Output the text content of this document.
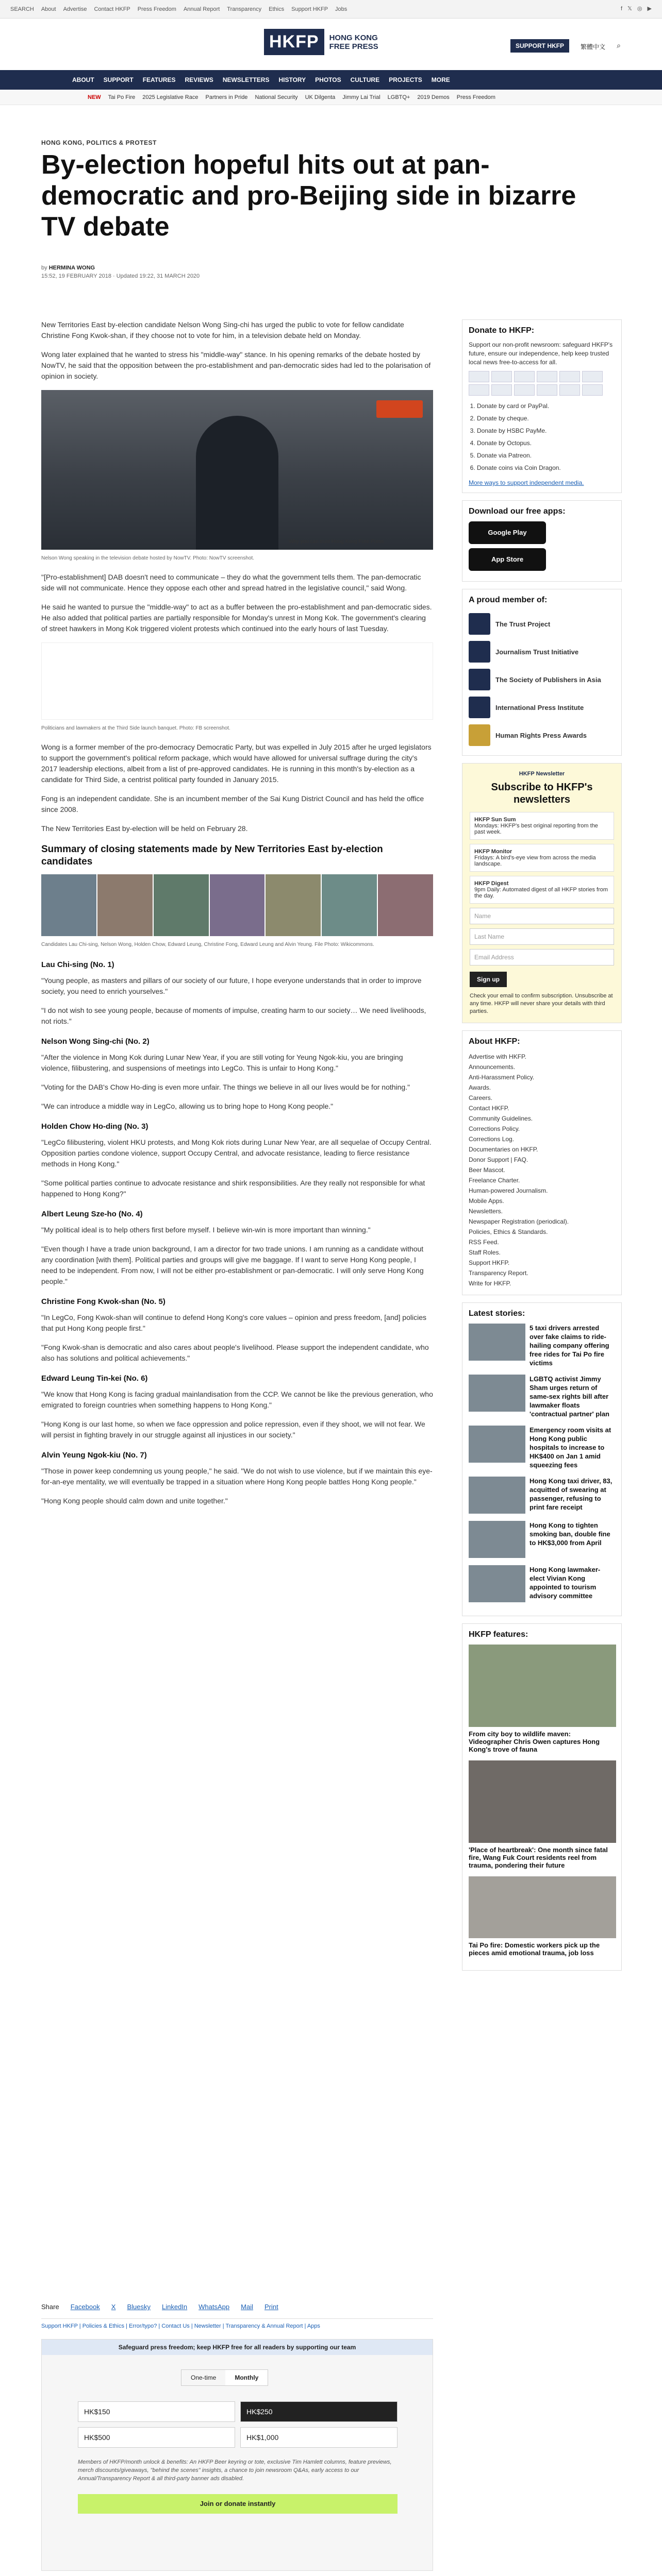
SEARCH About Advertise Contact HKFP Press Freedom Annual Report Transparency Ethics Support HKFP Jobs	f 𝕏 ◎ ▶
HKFP	HONG KONG
FREE PRESS	SUPPORT HKFP	繁體中文 ⌕
ABOUT SUPPORT FEATURES REVIEWS NEWSLETTERS HISTORY PHOTOS CULTURE PROJECTS MORE
NEW Tai Po Fire 2025 Legislative Race Partners in Pride National Security UK Dilgenta Jimmy Lai Trial LGBTQ+ 2019 Demos Press Freedom
HONG KONG, POLITICS & PROTEST
By-election hopeful hits out at pan-democratic and pro-Beijing side in bizarre TV debate
by HERMINA WONG
15:52, 19 FEBRUARY 2018 · Updated 19:22, 31 MARCH 2020

New Territories East by-election candidate Nelson Wong Sing-chi has urged the public to vote for fellow candidate Christine Fong Kwok-shan, if they choose not to vote for him, in a television debate held on Monday.

Wong later explained that he wanted to stress his "middle-way" stance. In his opening remarks of the debate hosted by NowTV, he said that the opposition between the pro-establishment and pan-democratic sides had led to the polarisation of opinion in society.

Why you can trust Hong Kong Free Press
Nelson Wong speaking in the television debate hosted by NowTV. Photo: NowTV screenshot.

"[Pro-establishment] DAB doesn't need to communicate – they do what the government tells them. The pan-democratic side will not communicate. Hence they oppose each other and spread hatred in the legislative council," said Wong.

He said he wanted to pursue the "middle-way" to act as a buffer between the pro-establishment and pan-democratic sides. He also added that political parties are partially responsible for Monday's unrest in Mong Kok. The government's clearing of street hawkers in Mong Kok triggered violent protests which continued into the early hours of last Tuesday.

Politicians and lawmakers at the Third Side launch banquet. Photo: FB screenshot.

Wong is a former member of the pro-democracy Democratic Party, but was expelled in July 2015 after he urged legislators to support the government's political reform package, which would have allowed for universal suffrage during the city's 2017 leadership elections, albeit from a list of pre-approved candidates. He is running in this month's by-election as a candidate for Third Side, a centrist political party founded in January 2015.

Fong is an independent candidate. She is an incumbent member of the Sai Kung District Council and has held the office since 2008.

The New Territories East by-election will be held on February 28.

Summary of closing statements made by New Territories East by-election candidates
Candidates Lau Chi-sing, Nelson Wong, Holden Chow, Edward Leung, Christine Fong, Edward Leung and Alvin Yeung. File Photo: Wikicommons.
Lau Chi-sing (No. 1)

"Young people, as masters and pillars of our society of our future, I hope everyone understands that in order to improve society, you need to enrich yourselves."

"I do not wish to see young people, because of moments of impulse, creating harm to our society… We need livelihoods, not riots."

Nelson Wong Sing-chi (No. 2)

"After the violence in Mong Kok during Lunar New Year, if you are still voting for Yeung Ngok-kiu, you are bringing violence, filibustering, and suspensions of meetings into LegCo. This is unfair to Hong Kong."

"Voting for the DAB's Chow Ho-ding is even more unfair. The things we believe in all our lives would be for nothing."

"We can introduce a middle way in LegCo, allowing us to bring hope to Hong Kong people."

Holden Chow Ho-ding (No. 3)

"LegCo filibustering, violent HKU protests, and Mong Kok riots during Lunar New Year, are all sequelae of Occupy Central. Opposition parties condone violence, support Occupy Central, and advocate resistance, leading to fierce resistance methods in Hong Kong."

"Some political parties continue to advocate resistance and shirk responsibilities. Are they really not responsible for what happened to Hong Kong?"

Albert Leung Sze-ho (No. 4)

"My political ideal is to help others first before myself. I believe win-win is more important than winning."

"Even though I have a trade union background, I am a director for two trade unions. I am running as a candidate without any coordination [with them]. Political parties and groups will give me baggage. If I want to serve Hong Kong people, I need to be independent. From now, I will not be either pro-establishment or pan-democratic. I will only serve Hong Kong people."

Christine Fong Kwok-shan (No. 5)

"In LegCo, Fong Kwok-shan will continue to defend Hong Kong's core values – opinion and press freedom, [and] policies that put Hong Kong people first."

"Fong Kwok-shan is democratic and also cares about people's livelihood. Please support the independent candidate, who also has solutions and political achievements."

Edward Leung Tin-kei (No. 6)

"We know that Hong Kong is facing gradual mainlandisation from the CCP. We cannot be like the previous generation, who emigrated to foreign countries when something happens to Hong Kong."

"Hong Kong is our last home, so when we face oppression and police repression, even if they shoot, we will not fear. We will persist in fighting bravely in our struggle against all injustices in our society."

Alvin Yeung Ngok-kiu (No. 7)

"Those in power keep condemning us young people," he said. "We do not wish to use violence, but if we maintain this eye-for-an-eye mentality, we will eventually be trapped in a situation where Hong Kong people battles Hong Kong people."

"Hong Kong people should calm down and unite together."

Share Facebook X Bluesky LinkedIn WhatsApp Mail Print
Support HKFP | Policies & Ethics | Error/typo? | Contact Us | Newsletter | Transparency & Annual Report | Apps
Safeguard press freedom; keep HKFP free for all readers by supporting our team
One-time	Monthly
HK$150	HK$250
HK$500	HK$1,000
Members of HKFP/month unlock & benefits: An HKFP Beer keyring or tote, exclusive Tim Hamlett columns, feature previews, merch discounts/giveaways, "behind the scenes" insights, a chance to join newsroom Q&As, early access to our Annual/Transparency Report & all third-party banner ads disabled.
Join or donate instantly
Donate to HKFP:
Support our non-profit newsroom: safeguard HKFP's future, ensure our independence, help keep trusted local news free-to-access for all.
1. Donate by card or PayPal.
2. Donate by cheque.
3. Donate by HSBC PayMe.
4. Donate by Octopus.
5. Donate via Patreon.
6. Donate coins via Coin Dragon.
More ways to support independent media.
Download our free apps:
Google Play
App Store
A proud member of:
The Trust Project
Journalism Trust Initiative
The Society of Publishers in Asia
International Press Institute
Human Rights Press Awards
HKFP Newsletter
Subscribe to HKFP's newsletters
HKFP Sun Sum
Mondays: HKFP's best original reporting from the past week.
HKFP Monitor
Fridays: A bird's-eye view from across the media landscape.
HKFP Digest
9pm Daily: Automated digest of all HKFP stories from the day.
Name
Last Name
Email Address
Sign up
Check your email to confirm subscription. Unsubscribe at any time. HKFP will never share your details with third parties.
About HKFP:
Advertise with HKFP.
Announcements.
Anti-Harassment Policy.
Awards.
Careers.
Contact HKFP.
Community Guidelines.
Corrections Policy.
Corrections Log.
Documentaries on HKFP.
Donor Support | FAQ.
Beer Mascot.
Freelance Charter.
Human-powered Journalism.
Mobile Apps.
Newsletters.
Newspaper Registration (periodical).
Policies, Ethics & Standards.
RSS Feed.
Staff Roles.
Support HKFP.
Transparency Report.
Write for HKFP.
Latest stories:
5 taxi drivers arrested over fake claims to ride-hailing company offering free rides for Tai Po fire victims
LGBTQ activist Jimmy Sham urges return of same-sex rights bill after lawmaker floats 'contractual partner' plan
Emergency room visits at Hong Kong public hospitals to increase to HK$400 on Jan 1 amid squeezing fees
Hong Kong taxi driver, 83, acquitted of swearing at passenger, refusing to print fare receipt
Hong Kong to tighten smoking ban, double fine to HK$3,000 from April
Hong Kong lawmaker-elect Vivian Kong appointed to tourism advisory committee
HKFP features:
From city boy to wildlife maven: Videographer Chris Owen captures Hong Kong's trove of fauna
'Place of heartbreak': One month since fatal fire, Wang Fuk Court residents reel from trauma, pondering their future
Tai Po fire: Domestic workers pick up the pieces amid emotional trauma, job loss
